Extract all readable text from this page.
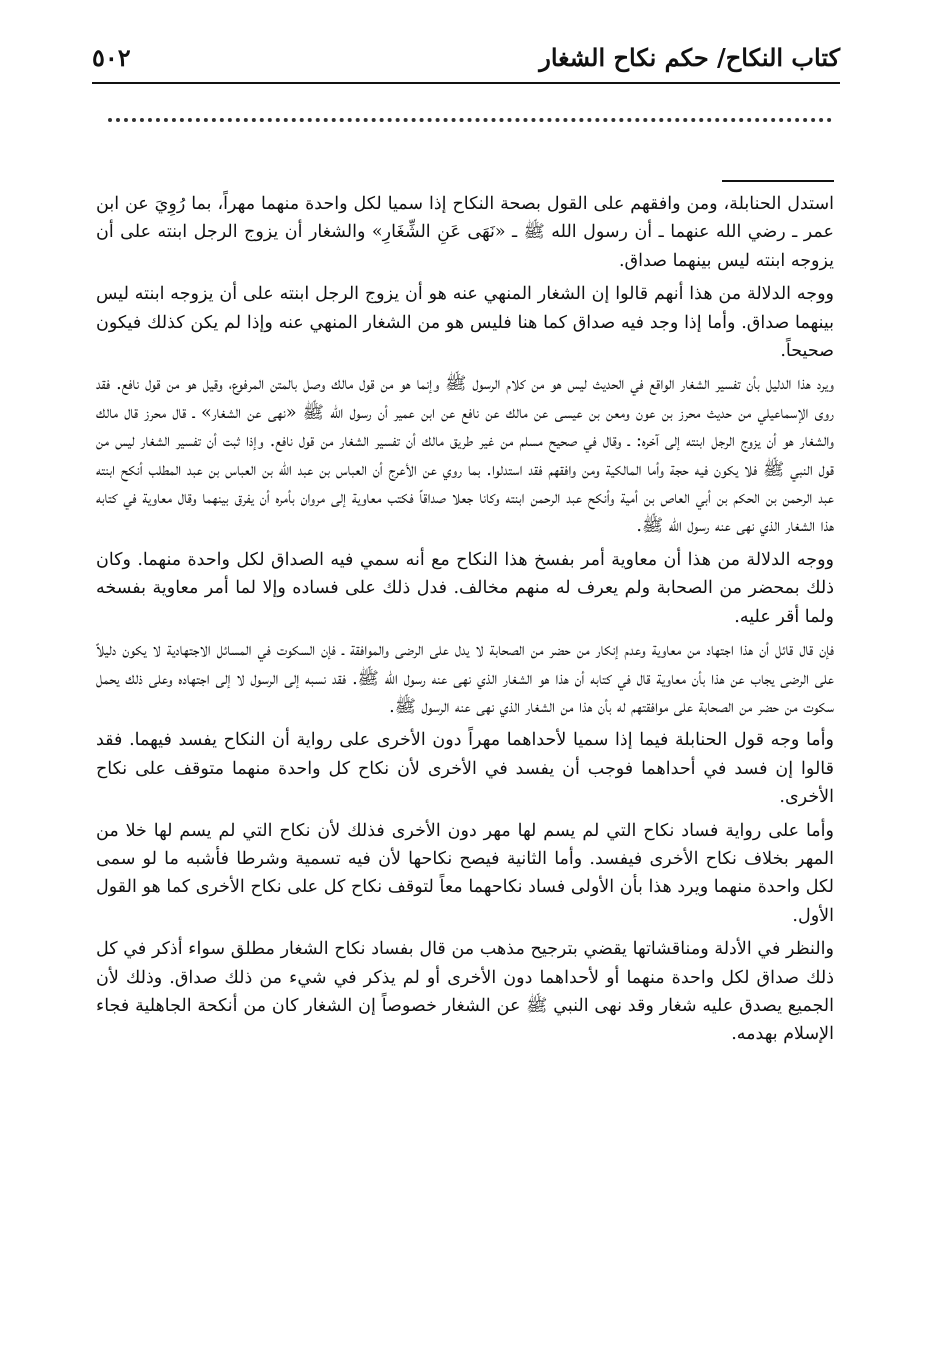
كتاب النكاح/ حكم نكاح الشغار
٥٠٢

استدل الحنابلة، ومن وافقهم على القول بصحة النكاح إذا سميا لكل واحدة منهما مهراً، بما رُوِيَ عن ابن عمر ـ رضي الله عنهما ـ أن رسول الله ﷺ ـ «نَهَى عَنِ الشِّغَارِ» والشغار أن يزوج الرجل ابنته على أن يزوجه ابنته ليس بينهما صداق.

ووجه الدلالة من هذا أنهم قالوا إن الشغار المنهي عنه هو أن يزوج الرجل ابنته على أن يزوجه ابنته ليس بينهما صداق. وأما إذا وجد فيه صداق كما هنا فليس هو من الشغار المنهي عنه وإذا لم يكن كذلك فيكون صحيحاً.

ويرد هذا الدليل بأن تفسير الشغار الواقع في الحديث ليس هو من كلام الرسول ﷺ وإنما هو من قول مالك وصل بالمتن المرفوع، وقيل هو من قول نافع. فقد روى الإسماعيلي من حديث محرز بن عون ومعن بن عيسى عن مالك عن نافع عن ابن عمير أن رسول الله ﷺ «نهى عن الشغار» ـ قال محرز قال مالك والشغار هو أن يزوج الرجل ابنته إلى آخره: ـ وقال في صحيح مسلم من غير طريق مالك أن تفسير الشغار من قول نافع. وإذا ثبت أن تفسير الشغار ليس من قول النبي ﷺ فلا يكون فيه حجة وأما المالكية ومن وافقهم فقد استدلوا. بما روي عن الأعرج أن العباس بن عبد الله بن العباس بن عبد المطلب أنكح ابنته عبد الرحمن بن الحكم بن أبي العاص بن أمية وأنكح عبد الرحمن ابنته وكانا جعلا صداقاً فكتب معاوية إلى مروان بأمره أن يفرق بينهما وقال معاوية في كتابه هذا الشغار الذي نهى عنه رسول الله ﷺ.

ووجه الدلالة من هذا أن معاوية أمر بفسخ هذا النكاح مع أنه سمي فيه الصداق لكل واحدة منهما. وكان ذلك بمحضر من الصحابة ولم يعرف له منهم مخالف. فدل ذلك على فساده وإلا لما أمر معاوية بفسخه ولما أقر عليه.

فإن قال قائل أن هذا اجتهاد من معاوية وعدم إنكار من حضر من الصحابة لا يدل على الرضى والموافقة ـ فإن السكوت في المسائل الاجتهادية لا يكون دليلاً على الرضى يجاب عن هذا بأن معاوية قال في كتابه أن هذا هو الشغار الذي نهى عنه رسول الله ﷺ. فقد نسبه إلى الرسول لا إلى اجتهاده وعلى ذلك يحمل سكوت من حضر من الصحابة على موافقتهم له بأن هذا من الشغار الذي نهى عنه الرسول ﷺ.

وأما وجه قول الحنابلة فيما إذا سميا لأحداهما مهراً دون الأخرى على رواية أن النكاح يفسد فيهما. فقد قالوا إن فسد في أحداهما فوجب أن يفسد في الأخرى لأن نكاح كل واحدة منهما متوقف على نكاح الأخرى.

وأما على رواية فساد نكاح التي لم يسم لها مهر دون الأخرى فذلك لأن نكاح التي لم يسم لها خلا من المهر بخلاف نكاح الأخرى فيفسد. وأما الثانية فيصح نكاحها لأن فيه تسمية وشرطا فأشبه ما لو سمى لكل واحدة منهما ويرد هذا بأن الأولى فساد نكاحهما معاً لتوقف نكاح كل على نكاح الأخرى كما هو القول الأول.

والنظر في الأدلة ومناقشاتها يقضي بترجيح مذهب من قال بفساد نكاح الشغار مطلق سواء أذكر في كل ذلك صداق لكل واحدة منهما أو لأحداهما دون الأخرى أو لم يذكر في شيء من ذلك صداق. وذلك لأن الجميع يصدق عليه شغار وقد نهى النبي ﷺ عن الشغار خصوصاً إن الشغار كان من أنكحة الجاهلية فجاء الإسلام بهدمه.
